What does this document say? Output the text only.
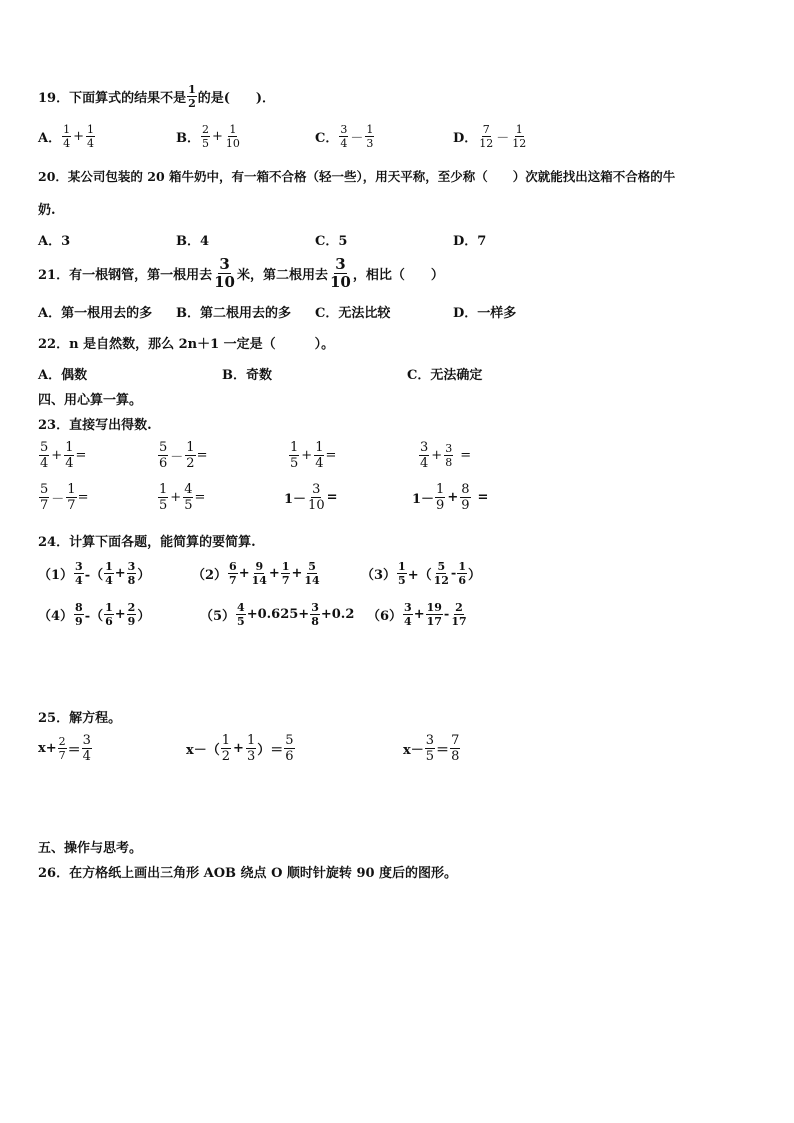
19．下面算式的结果不是 $\frac{1}{2}$ 的是(　　)．
A． $\frac{1}{4} + \frac{1}{4}$	B． $\frac{2}{5} + \frac{1}{10}$	C． $\frac{3}{4} - \frac{1}{3}$	D． $\frac{7}{12} - \frac{1}{12}$
20．某公司包装的 20 箱牛奶中，有一箱不合格（轻一些），用天平称，至少称（　　）次就能找出这箱不合格的牛
奶.
A．3	B．4	C．5	D．7
21．有一根钢管，第一根用去 $\frac{3}{10}$ 米，第二根用去 $\frac{3}{10}$ ，相比（　　）
A．第一根用去的多 B．第二根用去的多 C．无法比较	D．一样多
22．n 是自然数，那么 2n＋1 一定是（　　　）。
A．偶数	B．奇数	C．无法确定
四、用心算一算。
23．直接写出得数.
$\frac{5}{4} + \frac{1}{4}$ =	$\frac{5}{6} - \frac{1}{2}$ =	$\frac{1}{5} + \frac{1}{4}$ =	$\frac{3}{4} + \frac{3}{8}$ =
$\frac{5}{7} - \frac{1}{7}$ =	$\frac{1}{5} + \frac{4}{5}$ =	$1- \frac{3}{10}$ =	$1- \frac{1}{9} + \frac{8}{9}$ =
24．计算下面各题，能简算的要简算.
$(1) \frac{3}{4}$ -（ $\frac{1}{4} + \frac{3}{8}$ ）	$(2) \frac{6}{7} + \frac{9}{14} + \frac{1}{7} + \frac{5}{14}$	$(3) \frac{1}{5}$ +（ $\frac{5}{12} - \frac{1}{6}$ ）
$(4) \frac{8}{9}$ -（ $\frac{1}{6} + \frac{2}{9}$ ）	$(5) \frac{4}{5} +0.625+ \frac{3}{8} +0.2$ $(6) \frac{3}{4} + \frac{19}{17} - \frac{2}{17}$
25．解方程。
$x+ \frac{2}{7} = \frac{3}{4}$	$x-( \frac{1}{2} + \frac{1}{3}$ ）＝ $\frac{5}{6}$	$x- \frac{3}{5} = \frac{7}{8}$
五、操作与思考。
26．在方格纸上画出三角形 AOB 绕点 O 顺时针旋转 90 度后的图形。
